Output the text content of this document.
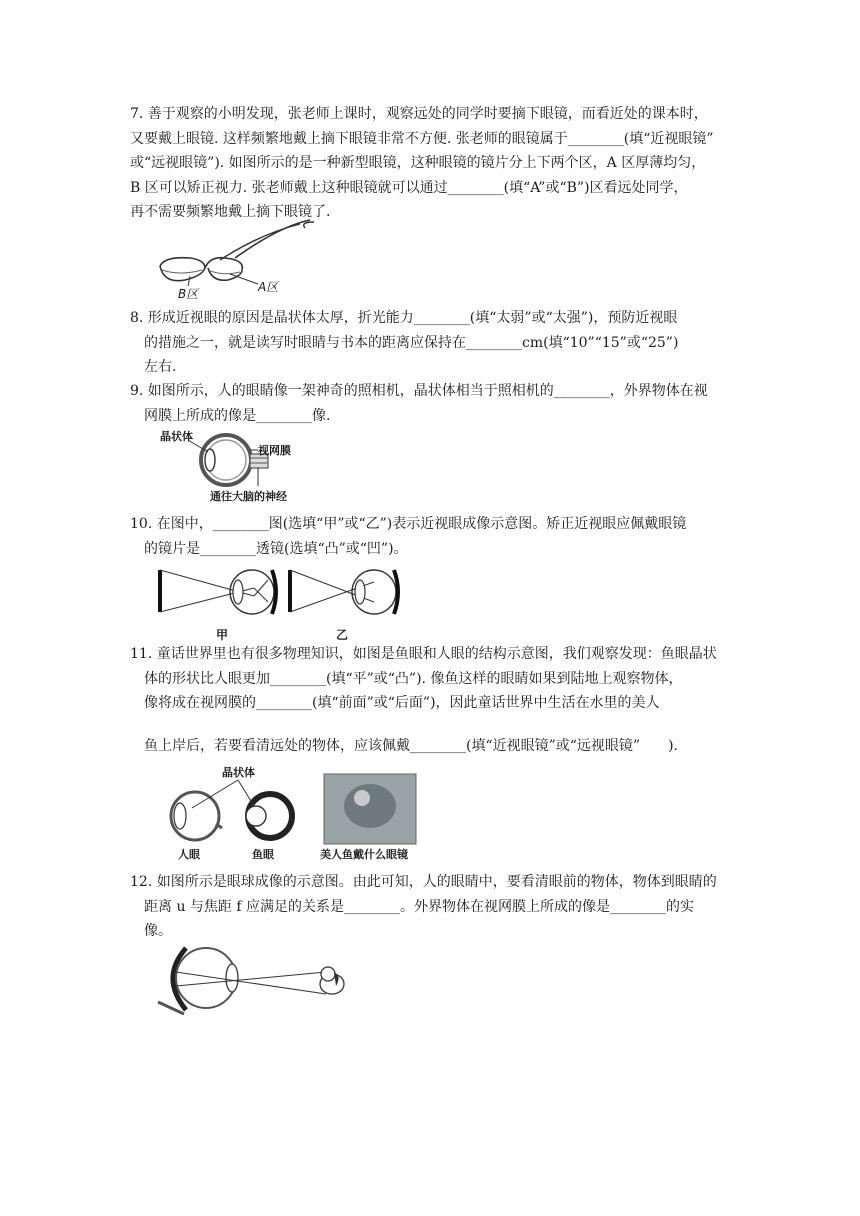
7. 善于观察的小明发现，张老师上课时，观察远处的同学时要摘下眼镜，而看近处的课本时，

又要戴上眼镜. 这样频繁地戴上摘下眼镜非常不方便. 张老师的眼镜属于________(填“近视眼镜”

或“远视眼镜”). 如图所示的是一种新型眼镜，这种眼镜的镜片分上下两个区，A 区厚薄均匀，

B 区可以矫正视力. 张老师戴上这种眼镜就可以通过________(填“A”或“B”)区看远处同学，

再不需要频繁地戴上摘下眼镜了.

B区	A区

8. 形成近视眼的原因是晶状体太厚，折光能力________(填“太弱”或“太强”)，预防近视眼

的措施之一，就是读写时眼睛与书本的距离应保持在________cm(填“10”“15”或“25”)

左右.

9. 如图所示，人的眼睛像一架神奇的照相机，晶状体相当于照相机的________，外界物体在视

网膜上所成的像是________像.

晶状体
视网膜
通往大脑的神经

10. 在图中，________图(选填“甲”或“乙”)表示近视眼成像示意图。矫正近视眼应佩戴眼镜

的镜片是________透镜(选填“凸”或“凹”)。

甲	乙

11. 童话世界里也有很多物理知识，如图是鱼眼和人眼的结构示意图，我们观察发现：鱼眼晶状

体的形状比人眼更加________(填“平”或“凸”). 像鱼这样的眼睛如果到陆地上观察物体，

像将成在视网膜的________(填“前面”或“后面”)，因此童话世界中生活在水里的美人

鱼上岸后，若要看清远处的物体，应该佩戴________(填“近视眼镜”或“远视眼镜”　　).

晶状体
人眼	鱼眼	美人鱼戴什么眼镜

12. 如图所示是眼球成像的示意图。由此可知，人的眼睛中，要看清眼前的物体，物体到眼睛的

距离 u 与焦距 f 应满足的关系是________。外界物体在视网膜上所成的像是________的实

像。
